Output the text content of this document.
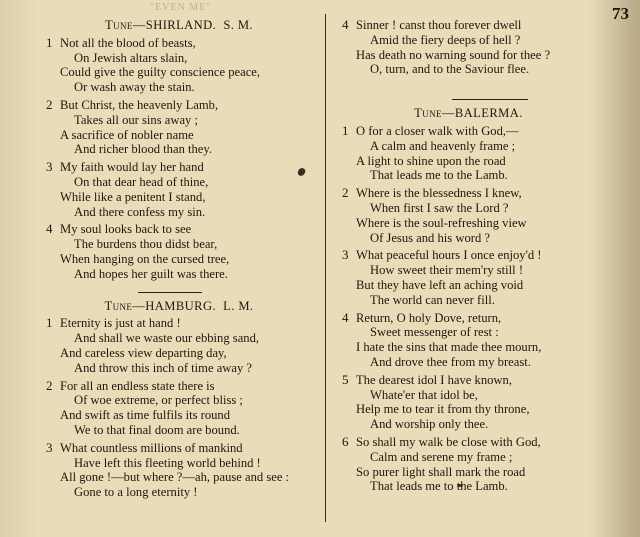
"EVEN ME"	73
Tune—SHIRLAND. S. M.
1 Not all the blood of beasts,
On Jewish altars slain,
Could give the guilty conscience peace,
Or wash away the stain.
2 But Christ, the heavenly Lamb,
Takes all our sins away ;
A sacrifice of nobler name
And richer blood than they.
3 My faith would lay her hand
On that dear head of thine,
While like a penitent I stand,
And there confess my sin.
4 My soul looks back to see
The burdens thou didst bear,
When hanging on the cursed tree,
And hopes her guilt was there.
Tune—HAMBURG. L. M.
1 Eternity is just at hand !
And shall we waste our ebbing sand,
And careless view departing day,
And throw this inch of time away ?
2 For all an endless state there is
Of woe extreme, or perfect bliss ;
And swift as time fulfils its round
We to that final doom are bound.
3 What countless millions of mankind
Have left this fleeting world behind !
All gone !—but where ?—ah, pause and see :
Gone to a long eternity !
4 Sinner ! canst thou forever dwell
Amid the fiery deeps of hell ?
Has death no warning sound for thee ?
O, turn, and to the Saviour flee.
Tune—BALERMA.
1 O for a closer walk with God,—
A calm and heavenly frame ;
A light to shine upon the road
That leads me to the Lamb.
2 Where is the blessedness I knew,
When first I saw the Lord ?
Where is the soul-refreshing view
Of Jesus and his word ?
3 What peaceful hours I once enjoy'd !
How sweet their mem'ry still !
But they have left an aching void
The world can never fill.
4 Return, O holy Dove, return,
Sweet messenger of rest :
I hate the sins that made thee mourn,
And drove thee from my breast.
5 The dearest idol I have known,
Whate'er that idol be,
Help me to tear it from thy throne,
And worship only thee.
6 So shall my walk be close with God,
Calm and serene my frame ;
So purer light shall mark the road
That leads me to the Lamb.
